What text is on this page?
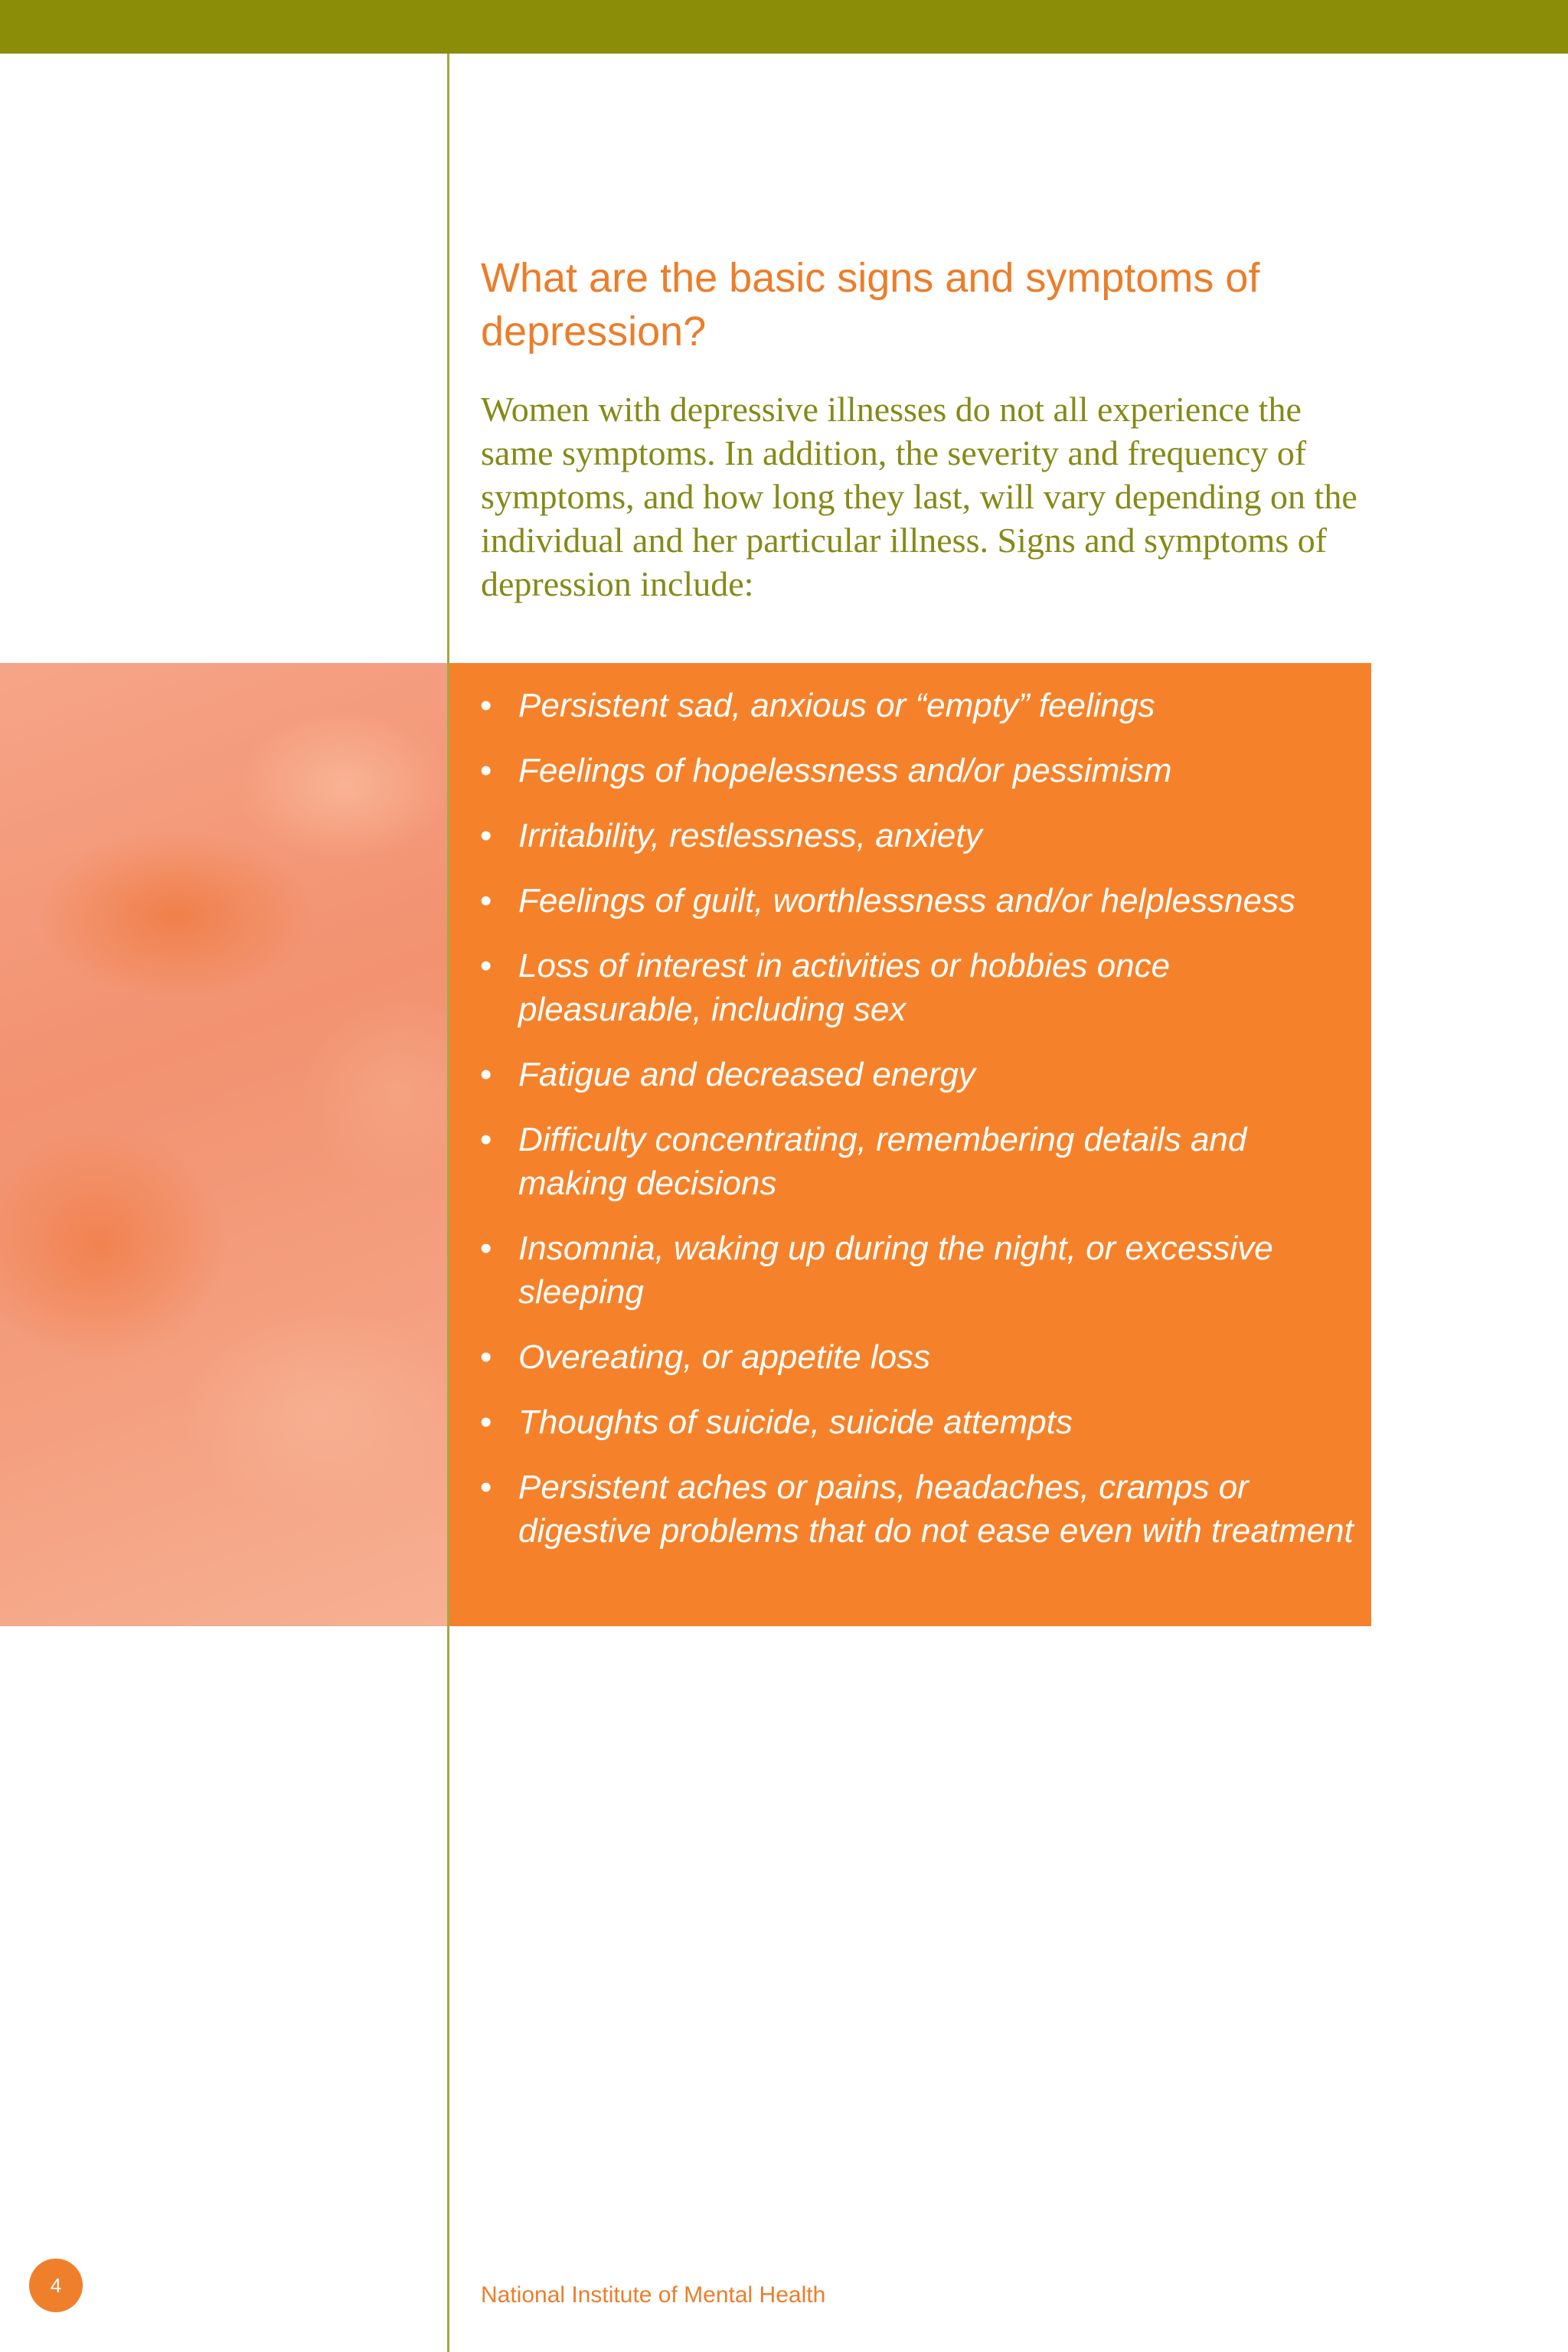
What are the basic signs and symptoms of depression?

Women with depressive illnesses do not all experience the same symptoms. In addition, the severity and frequency of symptoms, and how long they last, will vary depending on the individual and her particular illness. Signs and symptoms of depression include:

• Persistent sad, anxious or “empty” feelings
• Feelings of hopelessness and/or pessimism
• Irritability, restlessness, anxiety
• Feelings of guilt, worthlessness and/or helplessness
• Loss of interest in activities or hobbies once pleasurable, including sex
• Fatigue and decreased energy
• Difficulty concentrating, remembering details and making decisions
• Insomnia, waking up during the night, or excessive sleeping
• Overeating, or appetite loss
• Thoughts of suicide, suicide attempts
• Persistent aches or pains, headaches, cramps or digestive problems that do not ease even with treatment
4	National Institute of Mental Health
